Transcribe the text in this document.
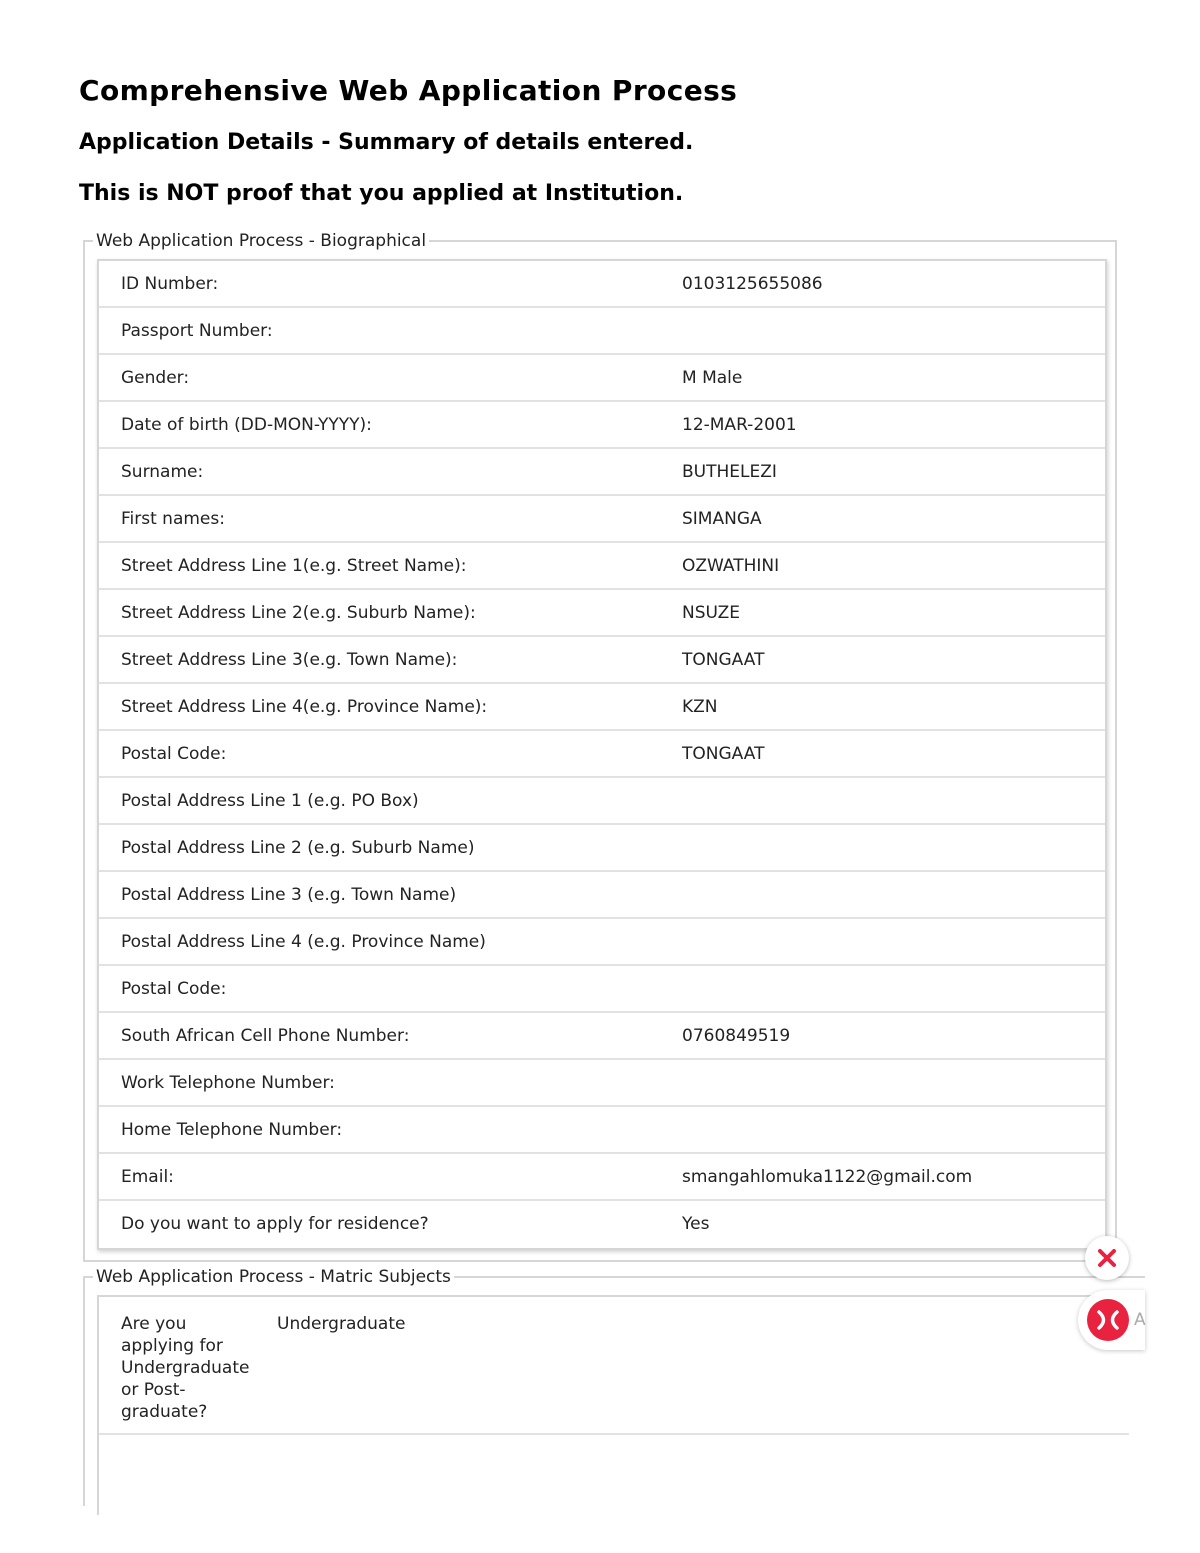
Comprehensive Web Application Process
Application Details - Summary of details entered.
This is NOT proof that you applied at Institution.
Web Application Process - Biographical
ID Number:	0103125655086
Passport Number:
Gender:	M Male
Date of birth (DD-MON-YYYY):	12-MAR-2001
Surname:	BUTHELEZI
First names:	SIMANGA
Street Address Line 1(e.g. Street Name):	OZWATHINI
Street Address Line 2(e.g. Suburb Name):	NSUZE
Street Address Line 3(e.g. Town Name):	TONGAAT
Street Address Line 4(e.g. Province Name):	KZN
Postal Code:	TONGAAT
Postal Address Line 1 (e.g. PO Box)
Postal Address Line 2 (e.g. Suburb Name)
Postal Address Line 3 (e.g. Town Name)
Postal Address Line 4 (e.g. Province Name)
Postal Code:
South African Cell Phone Number:	0760849519
Work Telephone Number:
Home Telephone Number:
Email:	smangahlomuka1122@gmail.com
Do you want to apply for residence?	Yes
Web Application Process - Matric Subjects
Are you applying for Undergraduate or Post-graduate?
Undergraduate	A
